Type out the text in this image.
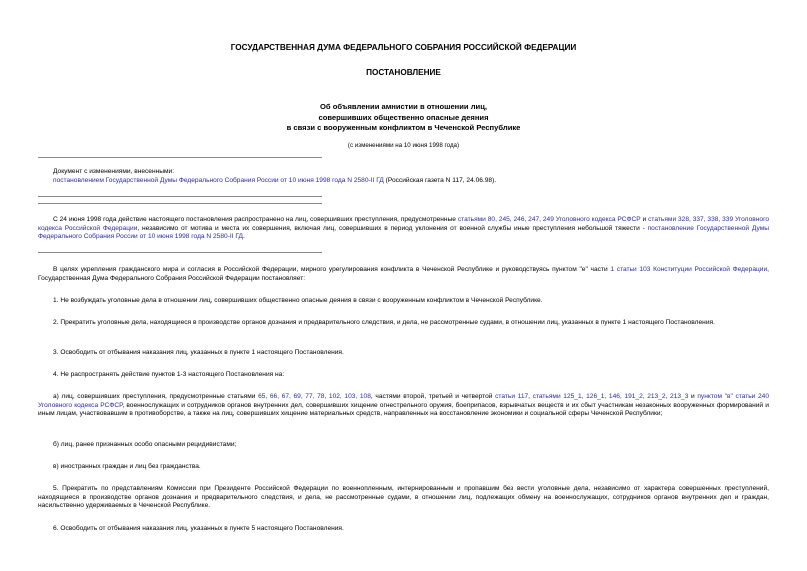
ГОСУДАРСТВЕННАЯ ДУМА ФЕДЕРАЛЬНОГО СОБРАНИЯ РОССИЙСКОЙ ФЕДЕРАЦИИ
ПОСТАНОВЛЕНИЕ
Об объявлении амнистии в отношении лиц,
совершивших общественно опасные деяния
в связи с вооруженным конфликтом в Чеченской Республике
(с изменениями на 10 июня 1998 года)
Документ с изменениями, внесенными:
постановлением Государственной Думы Федерального Собрания России от 10 июня 1998 года N 2580-II ГД (Российская газета N 117, 24.06.98).
С 24 июня 1998 года действие настоящего постановления распространено на лиц, совершивших преступления, предусмотренные статьями 80, 245, 246, 247, 249 Уголовного кодекса РСФСР и статьями 328, 337, 338, 339 Уголовного кодекса Российской Федерации, независимо от мотива и места их совершения, включая лиц, совершивших в период уклонения от военной службы иные преступления небольшой тяжести - постановление Государственной Думы Федерального Собрания России от 10 июня 1998 года N 2580-II ГД.
В целях укрепления гражданского мира и согласия в Российской Федерации, мирного урегулирования конфликта в Чеченской Республике и руководствуясь пунктом "е" части 1 статьи 103 Конституции Российской Федерации, Государственная Дума Федерального Собрания Российской Федерации постановляет:
1. Не возбуждать уголовные дела в отношении лиц, совершивших общественно опасные деяния в связи с вооруженным конфликтом в Чеченской Республике.
2. Прекратить уголовные дела, находящиеся в производстве органов дознания и предварительного следствия, и дела, не рассмотренные судами, в отношении лиц, указанных в пункте 1 настоящего Постановления.
3. Освободить от отбывания наказания лиц, указанных в пункте 1 настоящего Постановления.
4. Не распространять действие пунктов 1-3 настоящего Постановления на:
а) лиц, совершивших преступления, предусмотренные статьями 65, 66, 67, 69, 77, 78, 102, 103, 108, частями второй, третьей и четвертой статьи 117, статьями 125_1, 126_1, 146, 191_2, 213_2, 213_3 и пунктом "в" статьи 240 Уголовного кодекса РСФСР, военнослужащих и сотрудников органов внутренних дел, совершивших хищение огнестрельного оружия, боеприпасов, взрывчатых веществ и их сбыт участникам незаконных вооруженных формирований и иным лицам, участвовавшим в противоборстве, а также на лиц, совершивших хищение материальных средств, направленных на восстановление экономики и социальной сферы Чеченской Республики;
б) лиц, ранее признанных особо опасными рецидивистами;
в) иностранных граждан и лиц без гражданства.
5. Прекратить по представлениям Комиссии при Президенте Российской Федерации по военнопленным, интернированным и пропавшим без вести уголовные дела, независимо от характера совершенных преступлений, находящиеся в производстве органов дознания и предварительного следствия, и дела, не рассмотренные судами, в отношении лиц, подлежащих обмену на военнослужащих, сотрудников органов внутренних дел и граждан, насильственно удерживаемых в Чеченской Республике.
6. Освободить от отбывания наказания лиц, указанных в пункте 5 настоящего Постановления.
